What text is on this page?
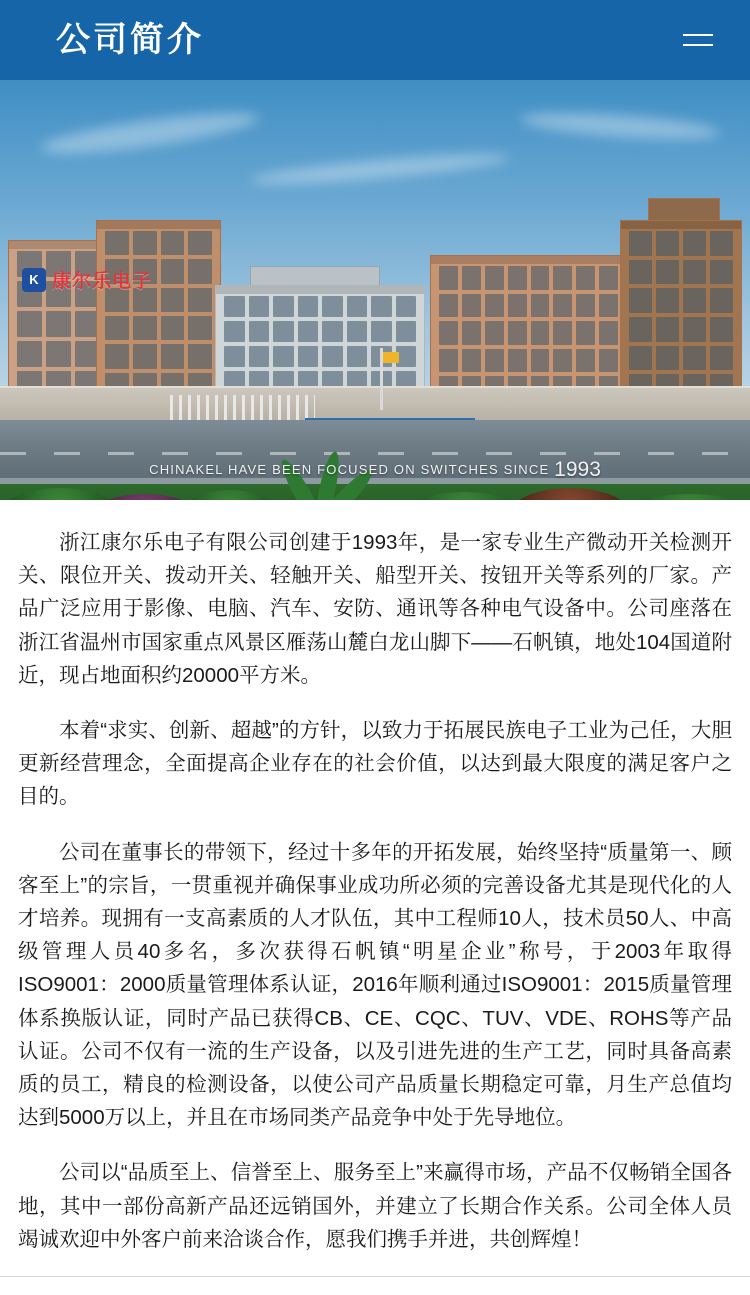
公司简介
K 康尔乐电子
CHINAKEL HAVE BEEN FOCUSED ON SWITCHES SINCE 1993

浙江康尔乐电子有限公司创建于1993年，是一家专业生产微动开关检测开关、限位开关、拨动开关、轻触开关、船型开关、按钮开关等系列的厂家。产品广泛应用于影像、电脑、汽车、安防、通讯等各种电气设备中。公司座落在浙江省温州市国家重点风景区雁荡山麓白龙山脚下——石帆镇，地处104国道附近，现占地面积约20000平方米。

本着“求实、创新、超越”的方针，以致力于拓展民族电子工业为己任，大胆更新经营理念，全面提高企业存在的社会价值，以达到最大限度的满足客户之目的。

公司在董事长的带领下，经过十多年的开拓发展，始终坚持“质量第一、顾客至上”的宗旨，一贯重视并确保事业成功所必须的完善设备尤其是现代化的人才培养。现拥有一支高素质的人才队伍，其中工程师10人，技术员50人、中高级管理人员40多名，多次获得石帆镇“明星企业”称号，于2003年取得ISO9001：2000质量管理体系认证，2016年顺利通过ISO9001：2015质量管理体系换版认证，同时产品已获得CB、CE、CQC、TUV、VDE、ROHS等产品认证。公司不仅有一流的生产设备，以及引进先进的生产工艺，同时具备高素质的员工，精良的检测设备，以使公司产品质量长期稳定可靠，月生产总值均达到5000万以上，并且在市场同类产品竞争中处于先导地位。

公司以“品质至上、信誉至上、服务至上”来赢得市场，产品不仅畅销全国各地，其中一部份高新产品还远销国外，并建立了长期合作关系。公司全体人员竭诚欢迎中外客户前来洽谈合作，愿我们携手并进，共创辉煌！
